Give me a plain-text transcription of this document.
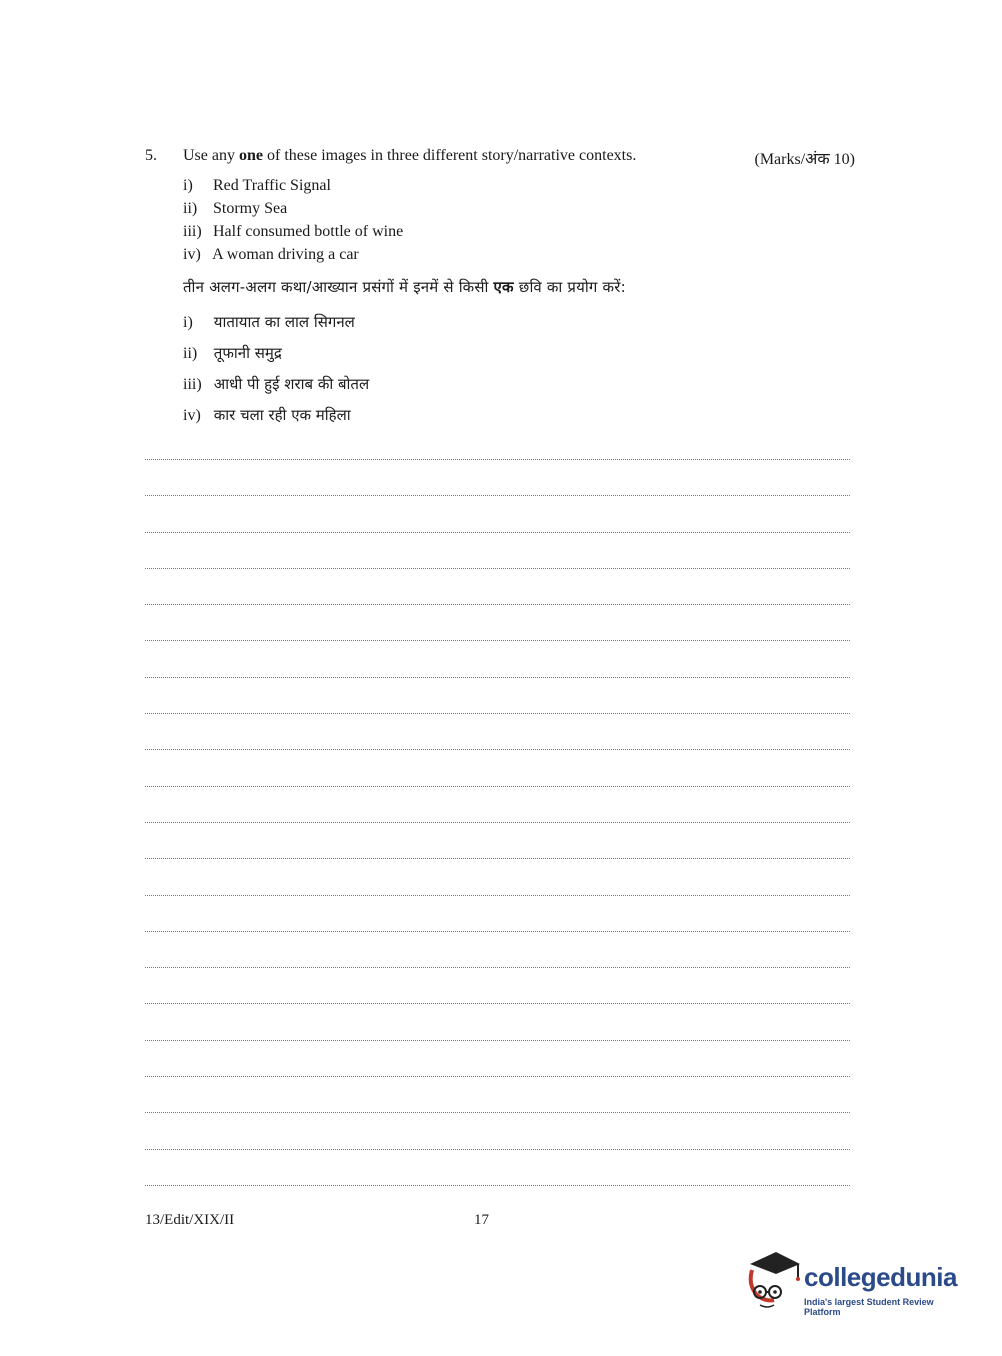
5. Use any one of these images in three different story/narrative contexts.	(Marks/अंक 10)
i) Red Traffic Signal
ii) Stormy Sea
iii) Half consumed bottle of wine
iv) A woman driving a car
तीन अलग-अलग कथा/आख्यान प्रसंगों में इनमें से किसी एक छवि का प्रयोग करें:
i) यातायात का लाल सिगनल
ii) तूफानी समुद्र
iii) आधी पी हुई शराब की बोतल
iv) कार चला रही एक महिला
13/Edit/XIX/II	17
collegedunia
India's largest Student Review Platform
